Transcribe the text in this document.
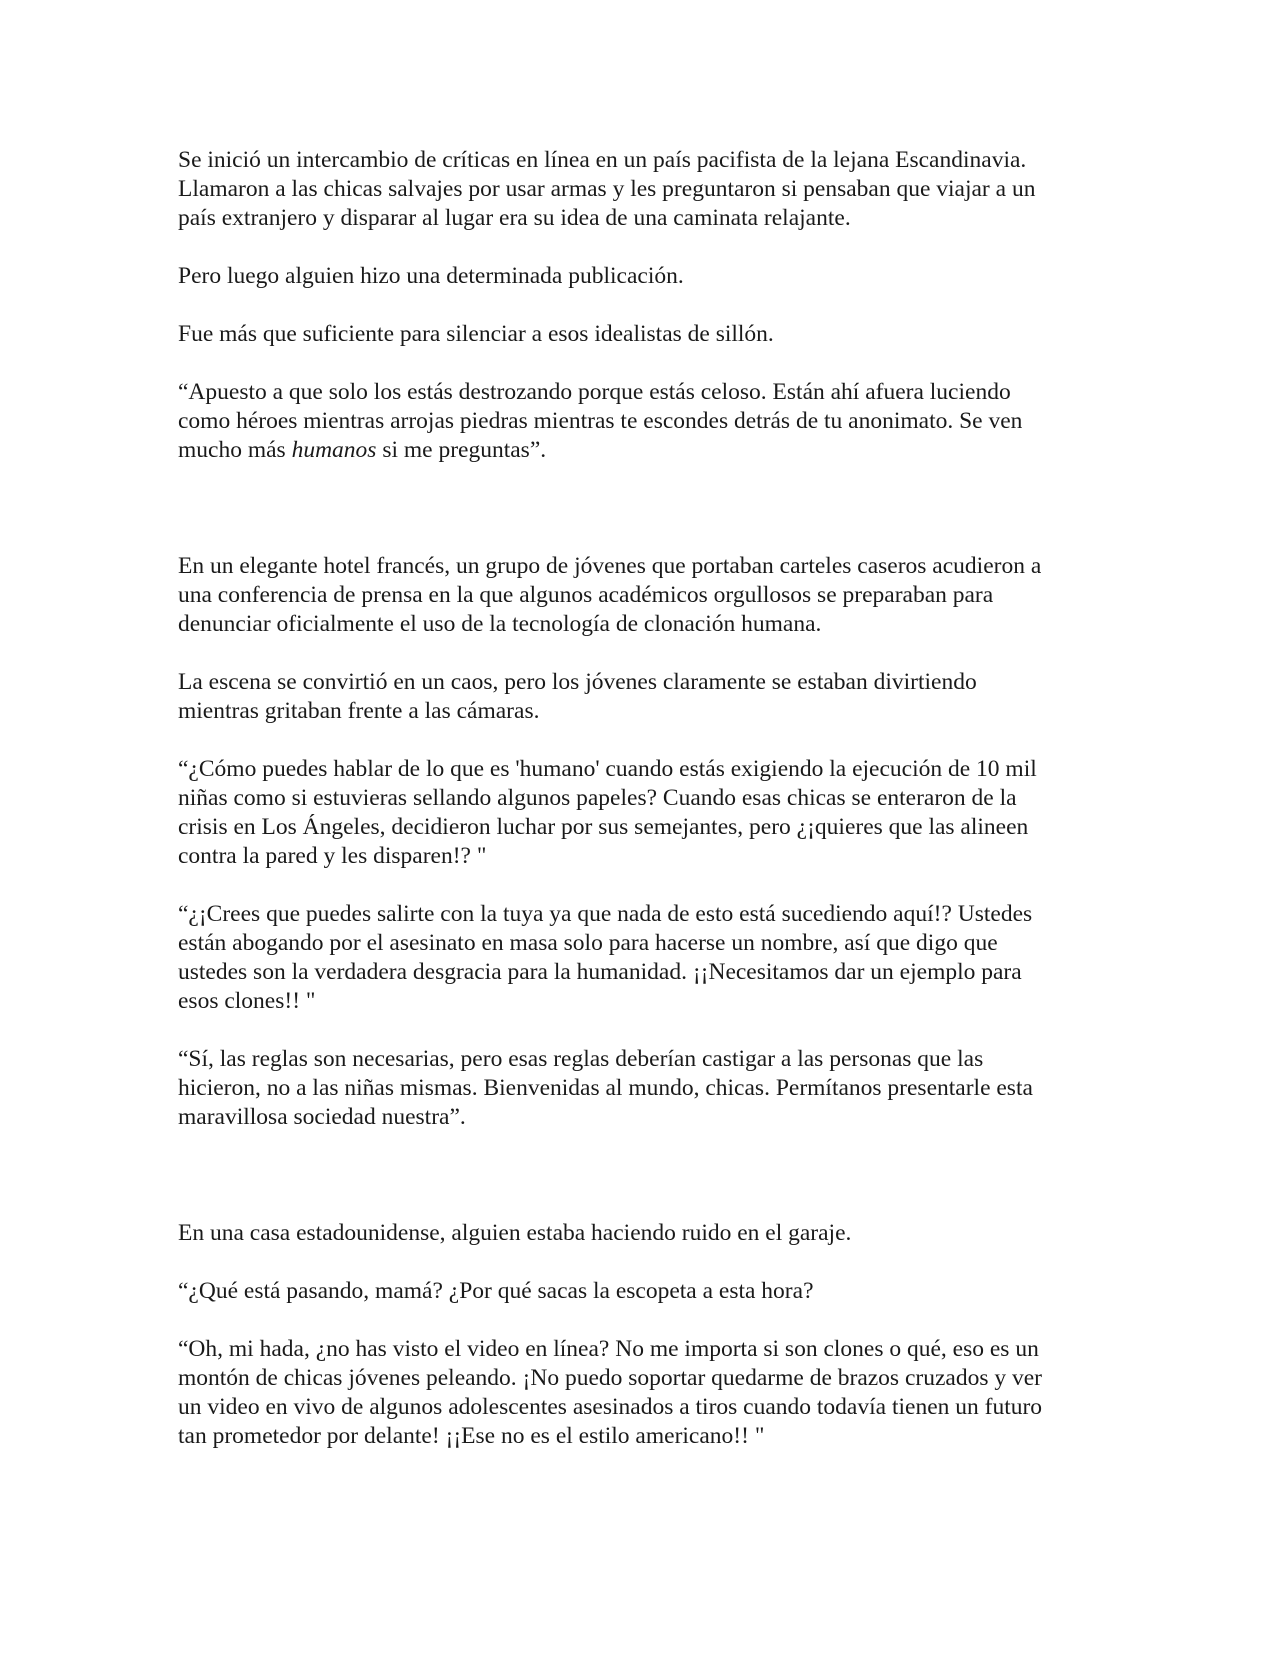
Se inició un intercambio de críticas en línea en un país pacifista de la lejana Escandinavia.
Llamaron a las chicas salvajes por usar armas y les preguntaron si pensaban que viajar a un
país extranjero y disparar al lugar era su idea de una caminata relajante.
Pero luego alguien hizo una determinada publicación.
Fue más que suficiente para silenciar a esos idealistas de sillón.
“Apuesto a que solo los estás destrozando porque estás celoso. Están ahí afuera luciendo
como héroes mientras arrojas piedras mientras te escondes detrás de tu anonimato. Se ven
mucho más humanos si me preguntas”.
En un elegante hotel francés, un grupo de jóvenes que portaban carteles caseros acudieron a
una conferencia de prensa en la que algunos académicos orgullosos se preparaban para
denunciar oficialmente el uso de la tecnología de clonación humana.
La escena se convirtió en un caos, pero los jóvenes claramente se estaban divirtiendo
mientras gritaban frente a las cámaras.
“¿Cómo puedes hablar de lo que es 'humano' cuando estás exigiendo la ejecución de 10 mil
niñas como si estuvieras sellando algunos papeles? Cuando esas chicas se enteraron de la
crisis en Los Ángeles, decidieron luchar por sus semejantes, pero ¿¡quieres que las alineen
contra la pared y les disparen!? "
“¿¡Crees que puedes salirte con la tuya ya que nada de esto está sucediendo aquí!? Ustedes
están abogando por el asesinato en masa solo para hacerse un nombre, así que digo que
ustedes son la verdadera desgracia para la humanidad. ¡¡Necesitamos dar un ejemplo para
esos clones!! "
“Sí, las reglas son necesarias, pero esas reglas deberían castigar a las personas que las
hicieron, no a las niñas mismas. Bienvenidas al mundo, chicas. Permítanos presentarle esta
maravillosa sociedad nuestra”.
En una casa estadounidense, alguien estaba haciendo ruido en el garaje.
“¿Qué está pasando, mamá? ¿Por qué sacas la escopeta a esta hora?
“Oh, mi hada, ¿no has visto el video en línea? No me importa si son clones o qué, eso es un
montón de chicas jóvenes peleando. ¡No puedo soportar quedarme de brazos cruzados y ver
un video en vivo de algunos adolescentes asesinados a tiros cuando todavía tienen un futuro
tan prometedor por delante! ¡¡Ese no es el estilo americano!! "
